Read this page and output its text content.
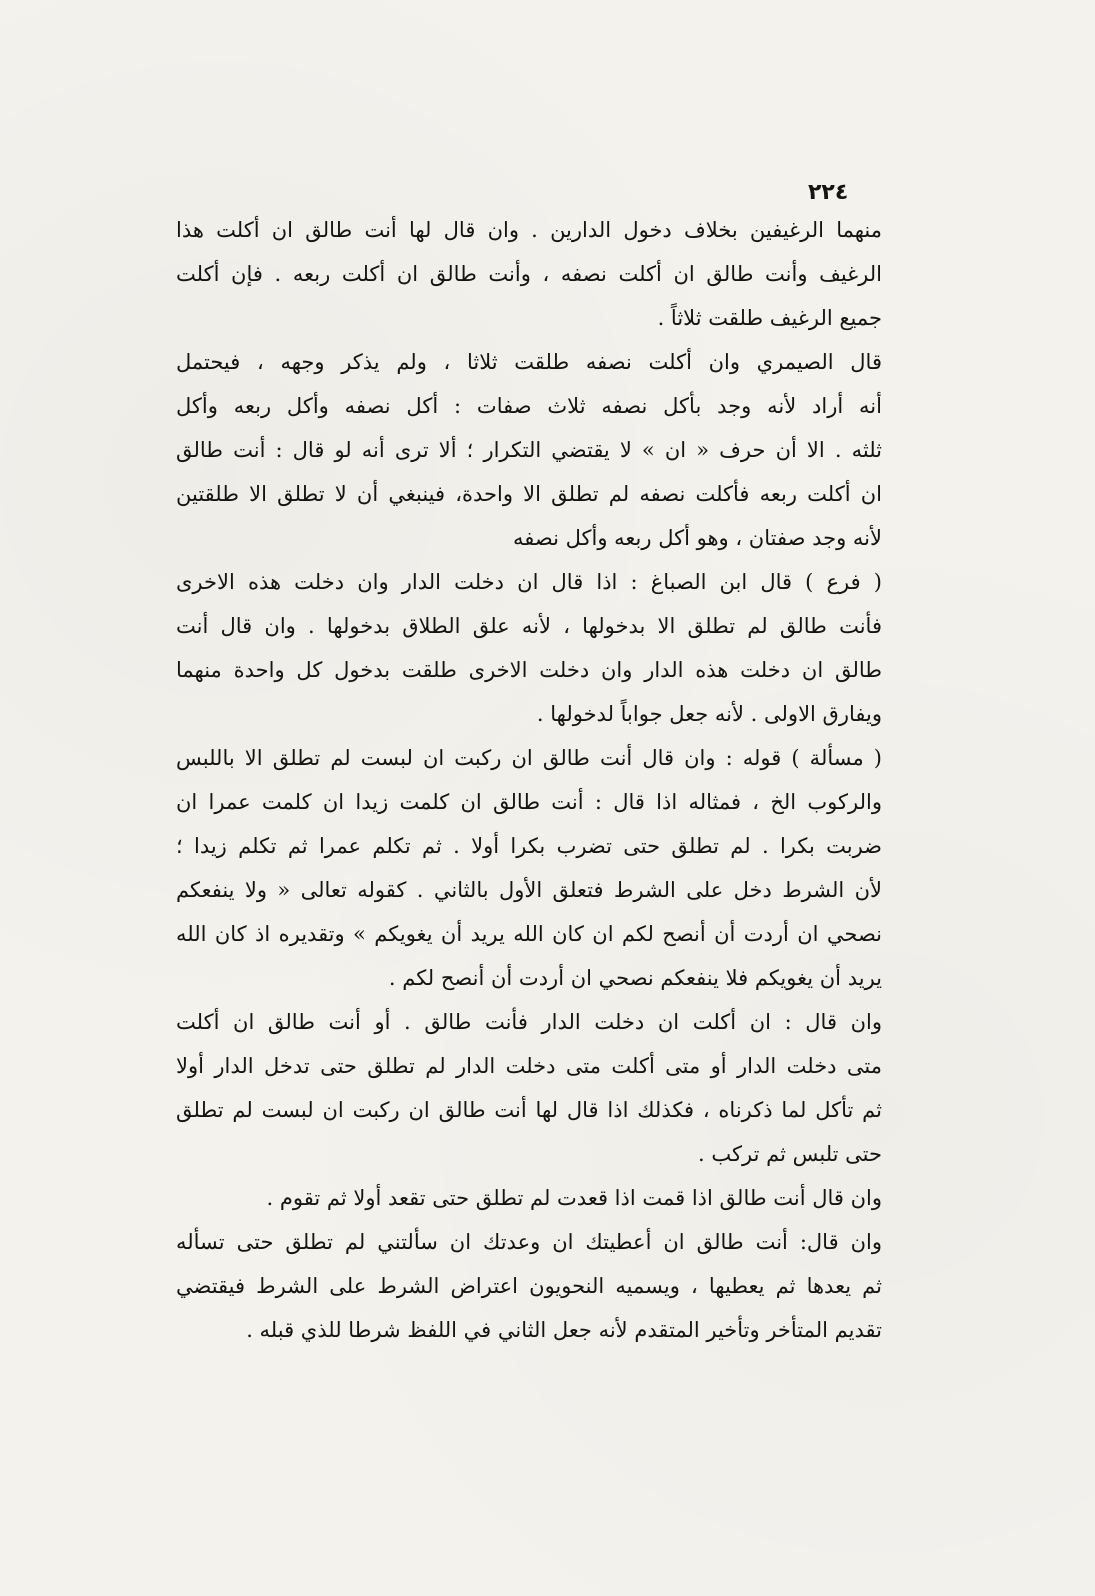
٢٢٤
منهما الرغيفين بخلاف دخول الدارين . وان قال لها أنت طالق ان أكلت هذا
الرغيف وأنت طالق ان أكلت نصفه ، وأنت طالق ان أكلت ربعه . فإن أكلت
جميع الرغيف طلقت ثلاثاً .
قال الصيمري وان أكلت نصفه طلقت ثلاثا ، ولم يذكر وجهه ، فيحتمل
أنه أراد لأنه وجد بأكل نصفه ثلاث صفات : أكل نصفه وأكل ربعه وأكل
ثلثه . الا أن حرف « ان » لا يقتضي التكرار ؛ ألا ترى أنه لو قال : أنت طالق
ان أكلت ربعه فأكلت نصفه لم تطلق الا واحدة، فينبغي أن لا تطلق الا طلقتين
لأنه وجد صفتان ، وهو أكل ربعه وأكل نصفه
( فرع ) قال ابن الصباغ : اذا قال ان دخلت الدار وان دخلت هذه الاخرى
فأنت طالق لم تطلق الا بدخولها ، لأنه علق الطلاق بدخولها . وان قال أنت
طالق ان دخلت هذه الدار وان دخلت الاخرى طلقت بدخول كل واحدة منهما
ويفارق الاولى . لأنه جعل جواباً لدخولها .
( مسألة ) قوله : وان قال أنت طالق ان ركبت ان لبست لم تطلق الا باللبس
والركوب الخ ، فمثاله اذا قال : أنت طالق ان كلمت زيدا ان كلمت عمرا ان
ضربت بكرا . لم تطلق حتى تضرب بكرا أولا . ثم تكلم عمرا ثم تكلم زيدا ؛
لأن الشرط دخل على الشرط فتعلق الأول بالثاني . كقوله تعالى « ولا ينفعكم
نصحي ان أردت أن أنصح لكم ان كان الله يريد أن يغويكم » وتقديره اذ كان الله
يريد أن يغويكم فلا ينفعكم نصحي ان أردت أن أنصح لكم .
وان قال : ان أكلت ان دخلت الدار فأنت طالق . أو أنت طالق ان أكلت
متى دخلت الدار أو متى أكلت متى دخلت الدار لم تطلق حتى تدخل الدار أولا
ثم تأكل لما ذكرناه ، فكذلك اذا قال لها أنت طالق ان ركبت ان لبست لم تطلق
حتى تلبس ثم تركب .
وان قال أنت طالق اذا قمت اذا قعدت لم تطلق حتى تقعد أولا ثم تقوم .
وان قال: أنت طالق ان أعطيتك ان وعدتك ان سألتني لم تطلق حتى تسأله
ثم يعدها ثم يعطيها ، ويسميه النحويون اعتراض الشرط على الشرط فيقتضي
تقديم المتأخر وتأخير المتقدم لأنه جعل الثاني في اللفظ شرطا للذي قبله .
